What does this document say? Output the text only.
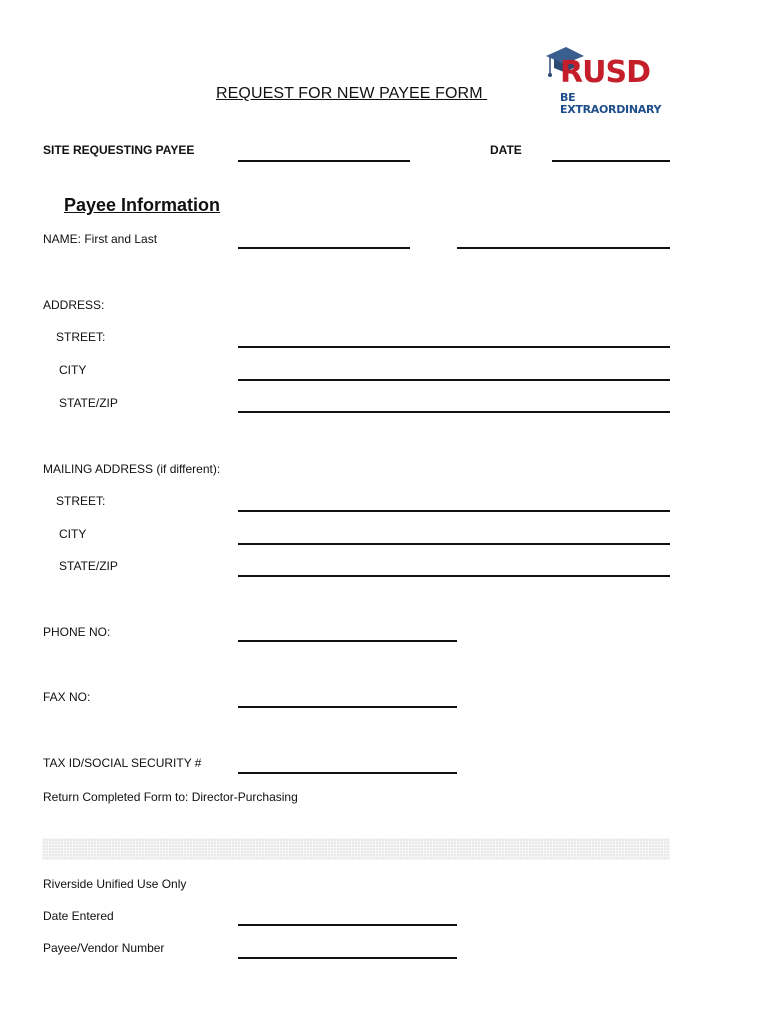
REQUEST FOR NEW PAYEE FORM
RUSD
BE EXTRAORDINARY
SITE REQUESTING PAYEE	DATE
Payee Information
NAME: First and Last
ADDRESS:
STREET:
CITY
STATE/ZIP
MAILING ADDRESS (if different):
STREET:
CITY
STATE/ZIP
PHONE NO:
FAX NO:
TAX ID/SOCIAL SECURITY #
Return Completed Form to: Director-Purchasing
Riverside Unified Use Only
Date Entered
Payee/Vendor Number
